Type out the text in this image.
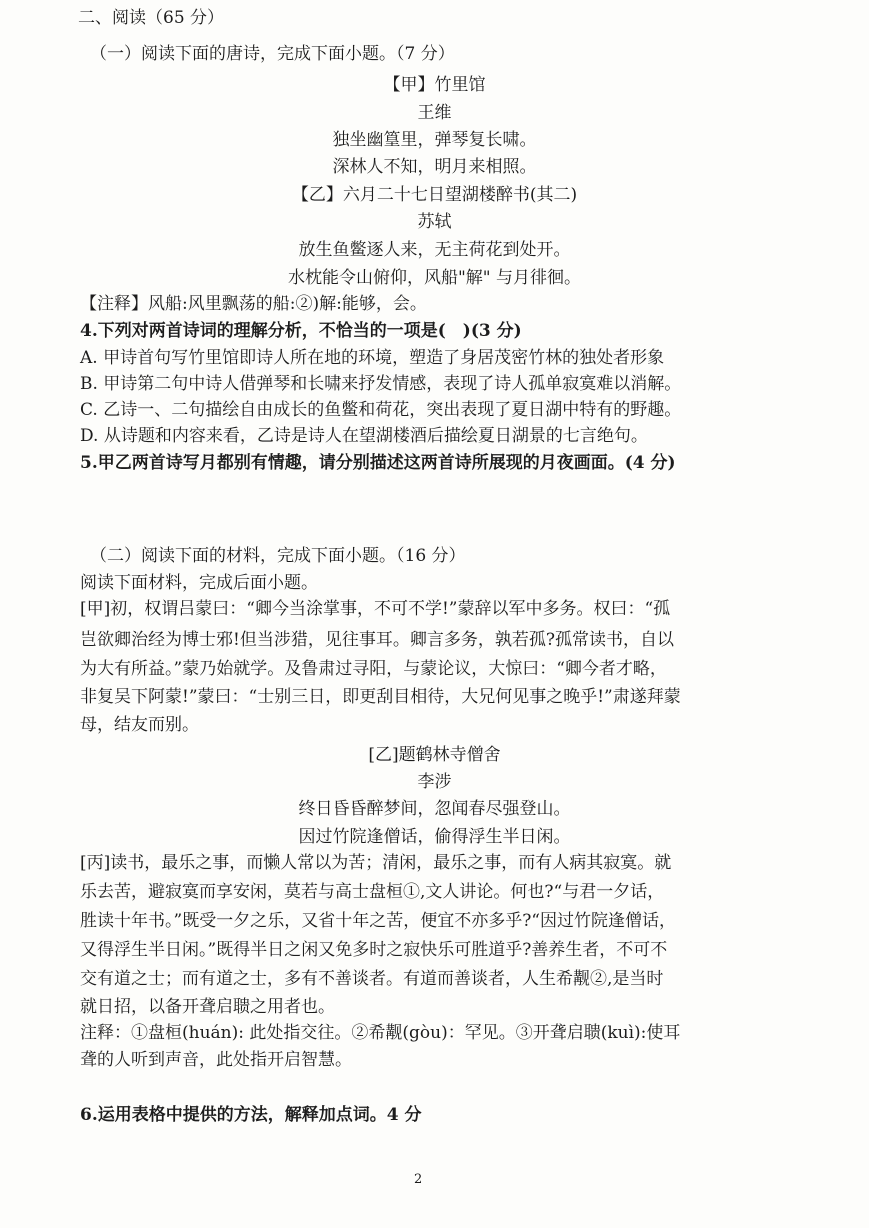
二、阅读（65 分）
（一）阅读下面的唐诗，完成下面小题。（7 分）
【甲】竹里馆
王维
独坐幽篁里，弹琴复长啸。
深林人不知，明月来相照。
【乙】六月二十七日望湖楼醉书(其二)
苏轼
放生鱼鳖逐人来，无主荷花到处开。
水枕能令山俯仰，风船"解" 与月徘徊。
【注释】风船:风里飘荡的船:②)解:能够，会。
4.下列对两首诗词的理解分析，不恰当的一项是(　)(3 分)
A. 甲诗首句写竹里馆即诗人所在地的环境，塑造了身居茂密竹林的独处者形象
B. 甲诗第二句中诗人借弹琴和长啸来抒发情感，表现了诗人孤单寂寞难以消解。
C. 乙诗一、二句描绘自由成长的鱼鳖和荷花，突出表现了夏日湖中特有的野趣。
D. 从诗题和内容来看，乙诗是诗人在望湖楼酒后描绘夏日湖景的七言绝句。
5.甲乙两首诗写月都别有情趣，请分别描述这两首诗所展现的月夜画面。(4 分)
（二）阅读下面的材料，完成下面小题。（16 分）
阅读下面材料，完成后面小题。
[甲]初，权谓吕蒙曰：“卿今当涂掌事，不可不学!”蒙辞以军中多务。权曰：“孤
岂欲卿治经为博士邪!但当涉猎，见往事耳。卿言多务，孰若孤?孤常读书，自以
为大有所益。”蒙乃始就学。及鲁肃过寻阳，与蒙论议，大惊曰：“卿今者才略，
非复吴下阿蒙!”蒙曰：“士别三日，即更刮目相待，大兄何见事之晚乎!”肃遂拜蒙
母，结友而别。
[乙]题鹤林寺僧舍
李涉
终日昏昏醉梦间，忽闻春尽强登山。
因过竹院逢僧话，偷得浮生半日闲。
[丙]读书，最乐之事，而懒人常以为苦；清闲，最乐之事，而有人病其寂寞。就
乐去苦，避寂寞而享安闲，莫若与高士盘桓①,文人讲论。何也?“与君一夕话，
胜读十年书。”既受一夕之乐，又省十年之苦，便宜不亦多乎?“因过竹院逢僧话，
又得浮生半日闲。”既得半日之闲又免多时之寂快乐可胜道乎?善养生者，不可不
交有道之士；而有道之士，多有不善谈者。有道而善谈者，人生希觏②,是当时
就日招，以备开聋启聩之用者也。
注释：①盘桓(huán): 此处指交往。②希觏(gòu)：罕见。③开聋启聩(kuì):使耳
聋的人听到声音，此处指开启智慧。
6.运用表格中提供的方法，解释加点词。4 分
2
